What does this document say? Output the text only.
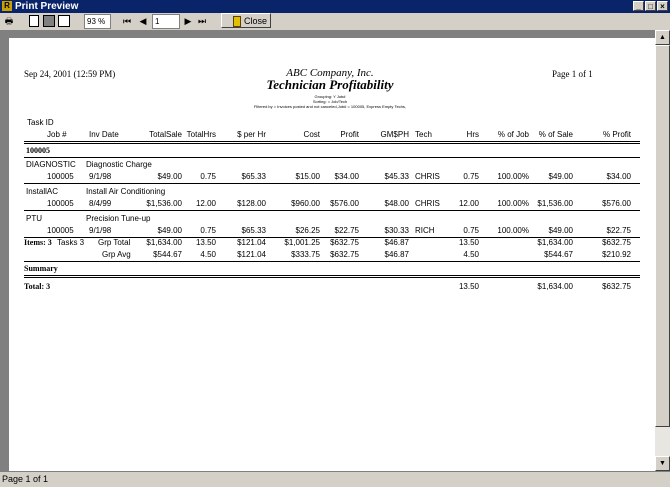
R Print Preview	_ □ ×
🖶	93 %	⏮ ◀	1	▶ ⏭	Close
Sep 24, 2001 (12:59 PM)	ABC Company, Inc.
Technician Profitability
Grouping: Y Job#
Sorting: = Job/Tech
Filtered by = Invoices posted and not canceled,Job# = 100005, Express Empty Techs,
Page 1 of 1
Task ID
Job #	Inv Date	TotalSale TotalHrs	$ per Hr	Cost	Profit	GM$PH Tech	Hrs	% of Job	% of Sale	% Profit
100005
DIAGNOSTIC Diagnostic Charge
100005 9/1/98	$49.00	0.75	$65.33	$15.00	$34.00	$45.33 CHRIS	0.75	100.00%	$49.00	$34.00
InstallAC	Install Air Conditioning
100005 8/4/99	$1,536.00	12.00	$128.00	$960.00	$576.00	$48.00 CHRIS	12.00	100.00%	$1,536.00	$576.00
PTU	Precision Tune-up
100005 9/1/98	$49.00	0.75	$65.33	$26.25	$22.75	$30.33 RICH	0.75	100.00%	$49.00	$22.75
Items: 3 Tasks 3 Grp Total	$1,634.00	13.50	$121.04	$1,001.25	$632.75	$46.87	13.50	$1,634.00	$632.75
Grp Avg	$544.67	4.50	$121.04	$333.75	$632.75	$46.87	4.50	$544.67	$210.92
Summary
Total: 3	13.50	$1,634.00	$632.75
▲
▼
Page 1 of 1
